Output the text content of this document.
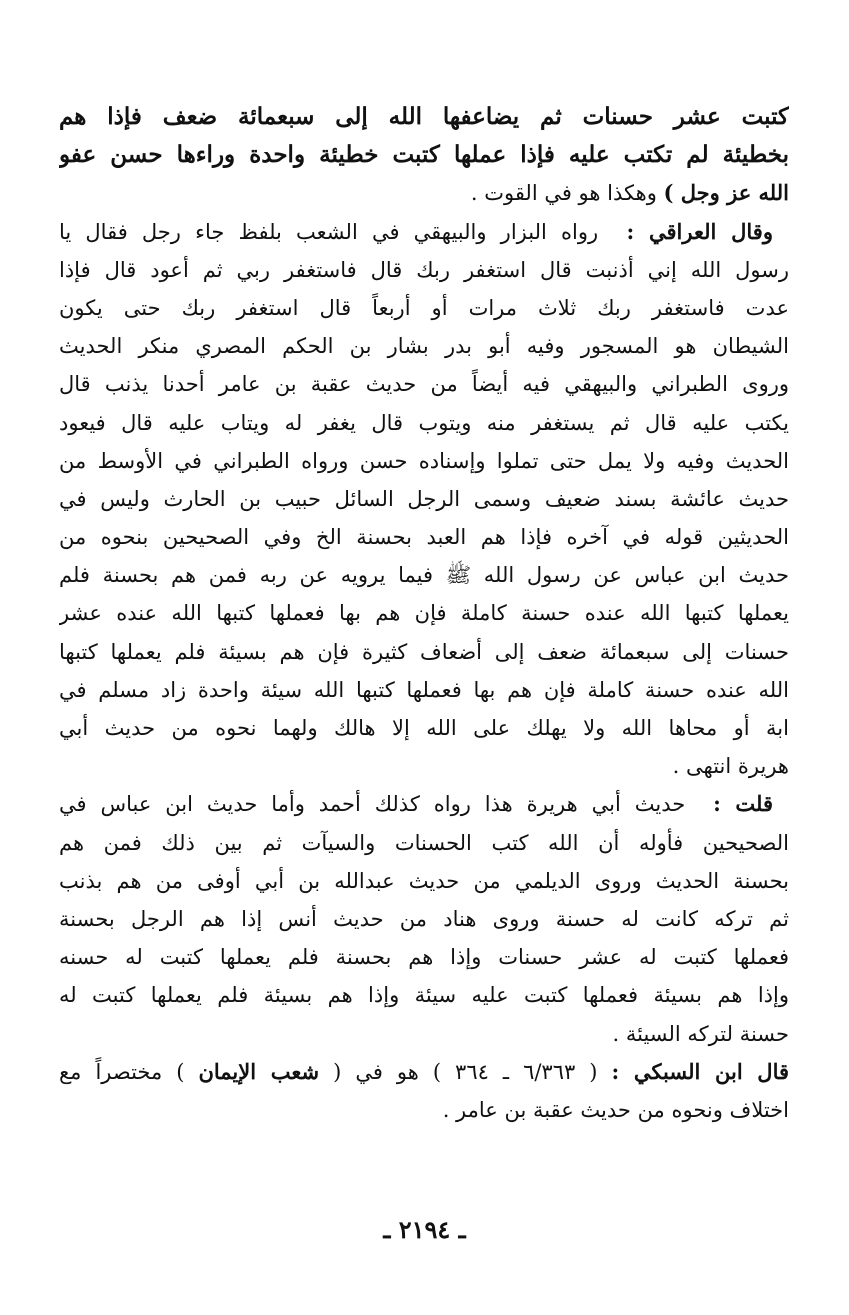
كتبت عشر حسنات ثم يضاعفها الله إلى سبعمائة ضعف فإذا هم
بخطيئة لم تكتب عليه فإذا عملها كتبت خطيئة واحدة وراءها حسن عفو
الله عز وجل ) وهكذا هو في القوت .
وقال العراقي :  رواه البزار والبيهقي في الشعب بلفظ جاء رجل فقال يا
رسول الله إني أذنبت قال استغفر ربك قال فاستغفر ربي ثم أعود قال فإذا
عدت فاستغفر ربك ثلاث مرات أو أربعاً قال استغفر ربك حتى يكون
الشيطان هو المسجور وفيه أبو بدر بشار بن الحكم المصري منكر الحديث
وروى الطبراني والبيهقي فيه أيضاً من حديث عقبة بن عامر أحدنا يذنب قال
يكتب عليه قال ثم يستغفر منه ويتوب قال يغفر له ويتاب عليه قال فيعود
الحديث وفيه ولا يمل حتى تملوا وإسناده حسن ورواه الطبراني في الأوسط من
حديث عائشة بسند ضعيف وسمى الرجل السائل حبيب بن الحارث وليس في
الحديثين قوله في آخره فإذا هم العبد بحسنة الخ وفي الصحيحين بنحوه من
حديث ابن عباس عن رسول الله ﷺ فيما يرويه عن ربه فمن هم بحسنة فلم
يعملها كتبها الله عنده حسنة كاملة فإن هم بها فعملها كتبها الله عنده عشر
حسنات إلى سبعمائة ضعف إلى أضعاف كثيرة فإن هم بسيئة فلم يعملها كتبها
الله عنده حسنة كاملة فإن هم بها فعملها كتبها الله سيئة واحدة زاد مسلم في
ابة أو محاها الله ولا يهلك على الله إلا هالك ولهما نحوه من حديث أبي
هريرة انتهى .
قلت :  حديث أبي هريرة هذا رواه كذلك أحمد وأما حديث ابن عباس في
الصحيحين فأوله أن الله كتب الحسنات والسيآت ثم بين ذلك فمن هم
بحسنة الحديث وروى الديلمي من حديث عبدالله بن أبي أوفى من هم بذنب
ثم تركه كانت له حسنة وروى هناد من حديث أنس إذا هم الرجل بحسنة
فعملها كتبت له عشر حسنات وإذا هم بحسنة فلم يعملها كتبت له حسنه
وإذا هم بسيئة فعملها كتبت عليه سيئة وإذا هم بسيئة فلم يعملها كتبت له
حسنة لتركه السيئة .
قال ابن السبكي : ( ٦/٣٦٣ ـ ٣٦٤ ) هو في ( شعب الإيمان ) مختصراً مع
اختلاف ونحوه من حديث عقبة بن عامر .
ـ ٢١٩٤ ـ
